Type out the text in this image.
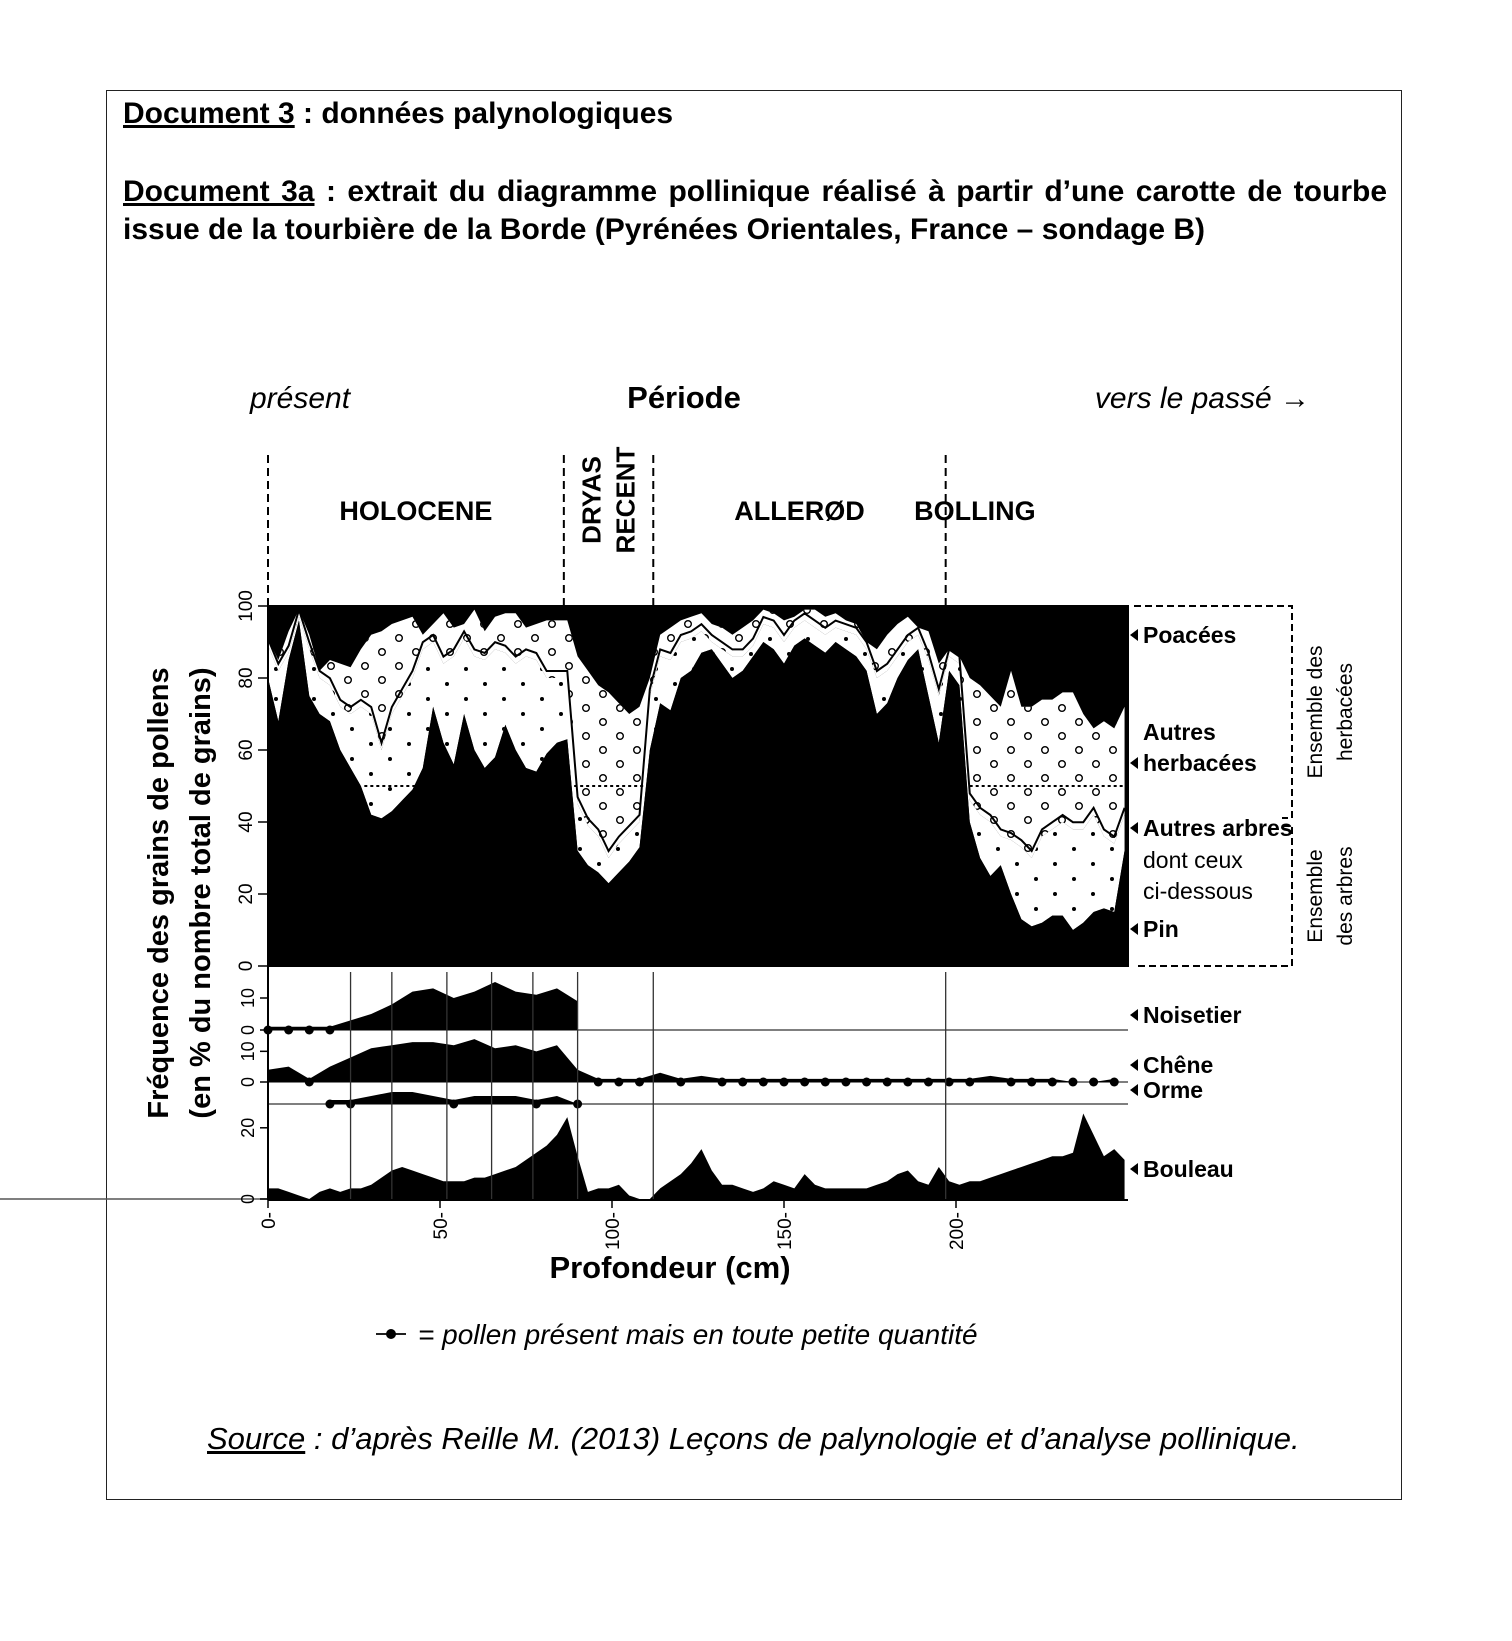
Document 3 : données palynologiques
Document 3a : extrait du diagramme pollinique réalisé à partir d’une carotte de tourbe issue de la tourbière de la Borde (Pyrénées Orientales, France – sondage B)
Source : d’après Reille M. (2013) Leçons de palynologie et d’analyse pollinique.
présent	Période	vers le passé →
HOLOCENE	DRYAS RECENT	ALLERØD BOLLING
0
10
0
10
0
20
0
20
40
60
80
100
0-	50-	100-	150-	200-
Profondeur (cm)
Fréquence des grains de pollens (en % du nombre total de grains)
Poacées
Autres
herbacées
Autres arbres
dont ceux
ci-dessous
Pin
Noisetier
Chêne
Orme
Bouleau
Ensemble des herbacées
Ensemble des arbres
= pollen présent mais en toute petite quantité
